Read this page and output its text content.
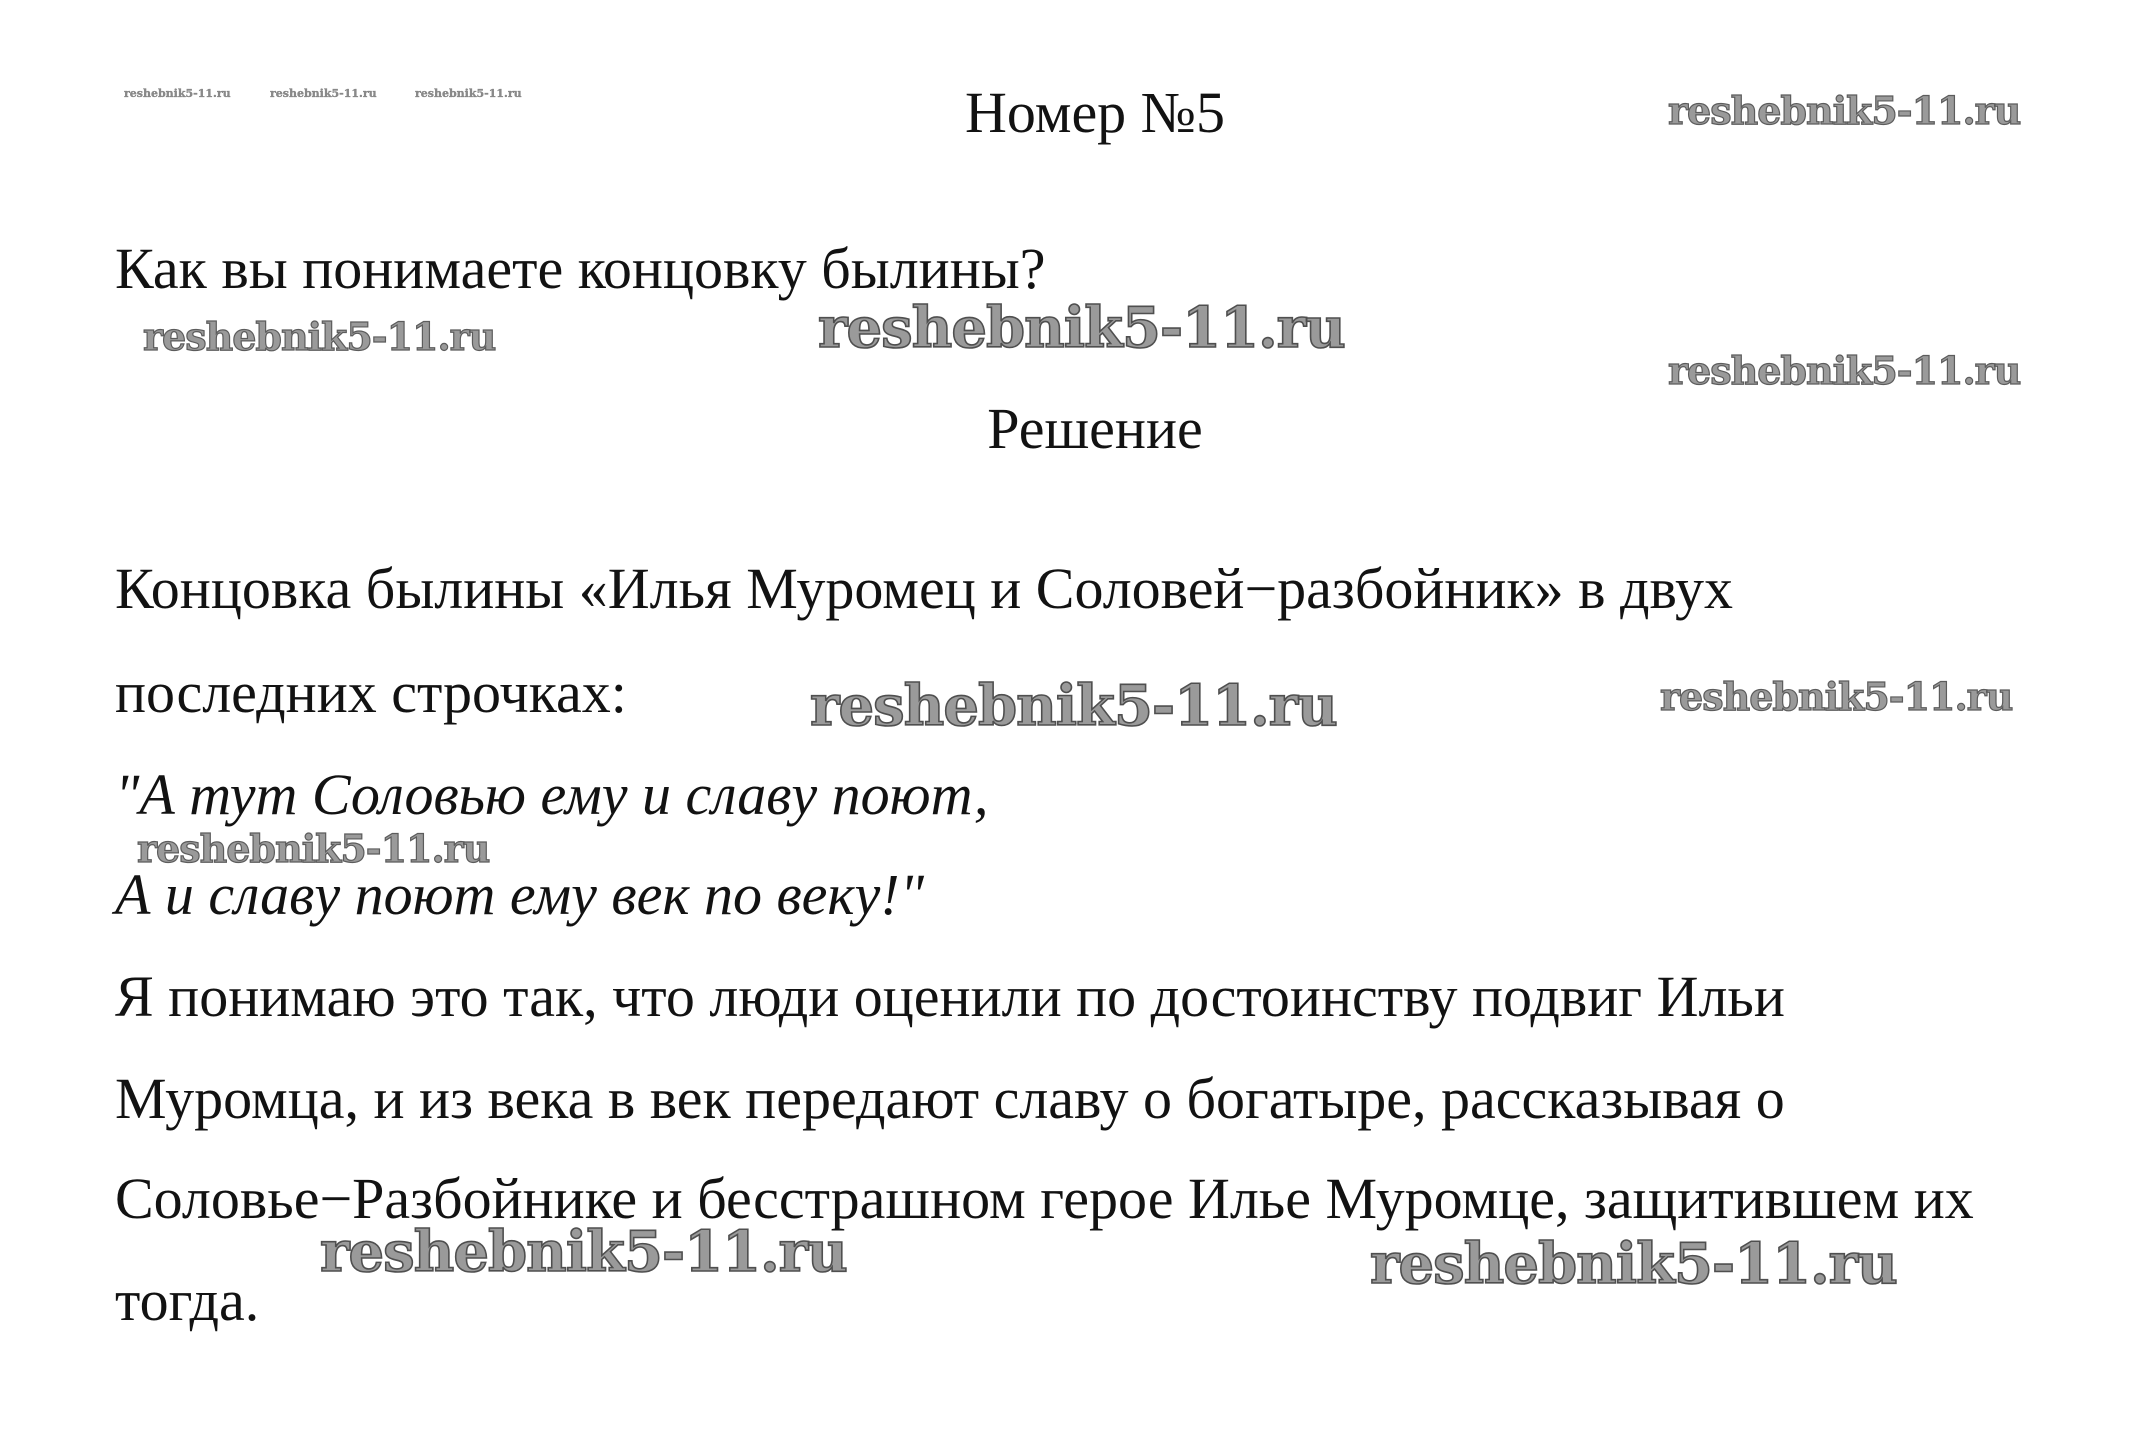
reshebnik5-11.ru	reshebnik5-11.ru	reshebnik5-11.ru	Номер №5	reshebnik5-11.ru
Как вы понимаете концовку былины?
reshebnik5-11.ru	reshebnik5-11.ru
reshebnik5-11.ru
Решение
Концовка былины «Илья Муромец и Соловей−разбойник» в двух
последних строчках:	reshebnik5-11.ru	reshebnik5-11.ru
"А тут Соловью ему и славу поют,
reshebnik5-11.ru
А и славу поют ему век по веку!"
Я понимаю это так, что люди оценили по достоинству подвиг Ильи
Муромца, и из века в век передают славу о богатыре, рассказывая о
Соловье−Разбойнике и бесстрашном герое Илье Муромце, защитившем их
reshebnik5-11.ru	reshebnik5-11.ru
тогда.
